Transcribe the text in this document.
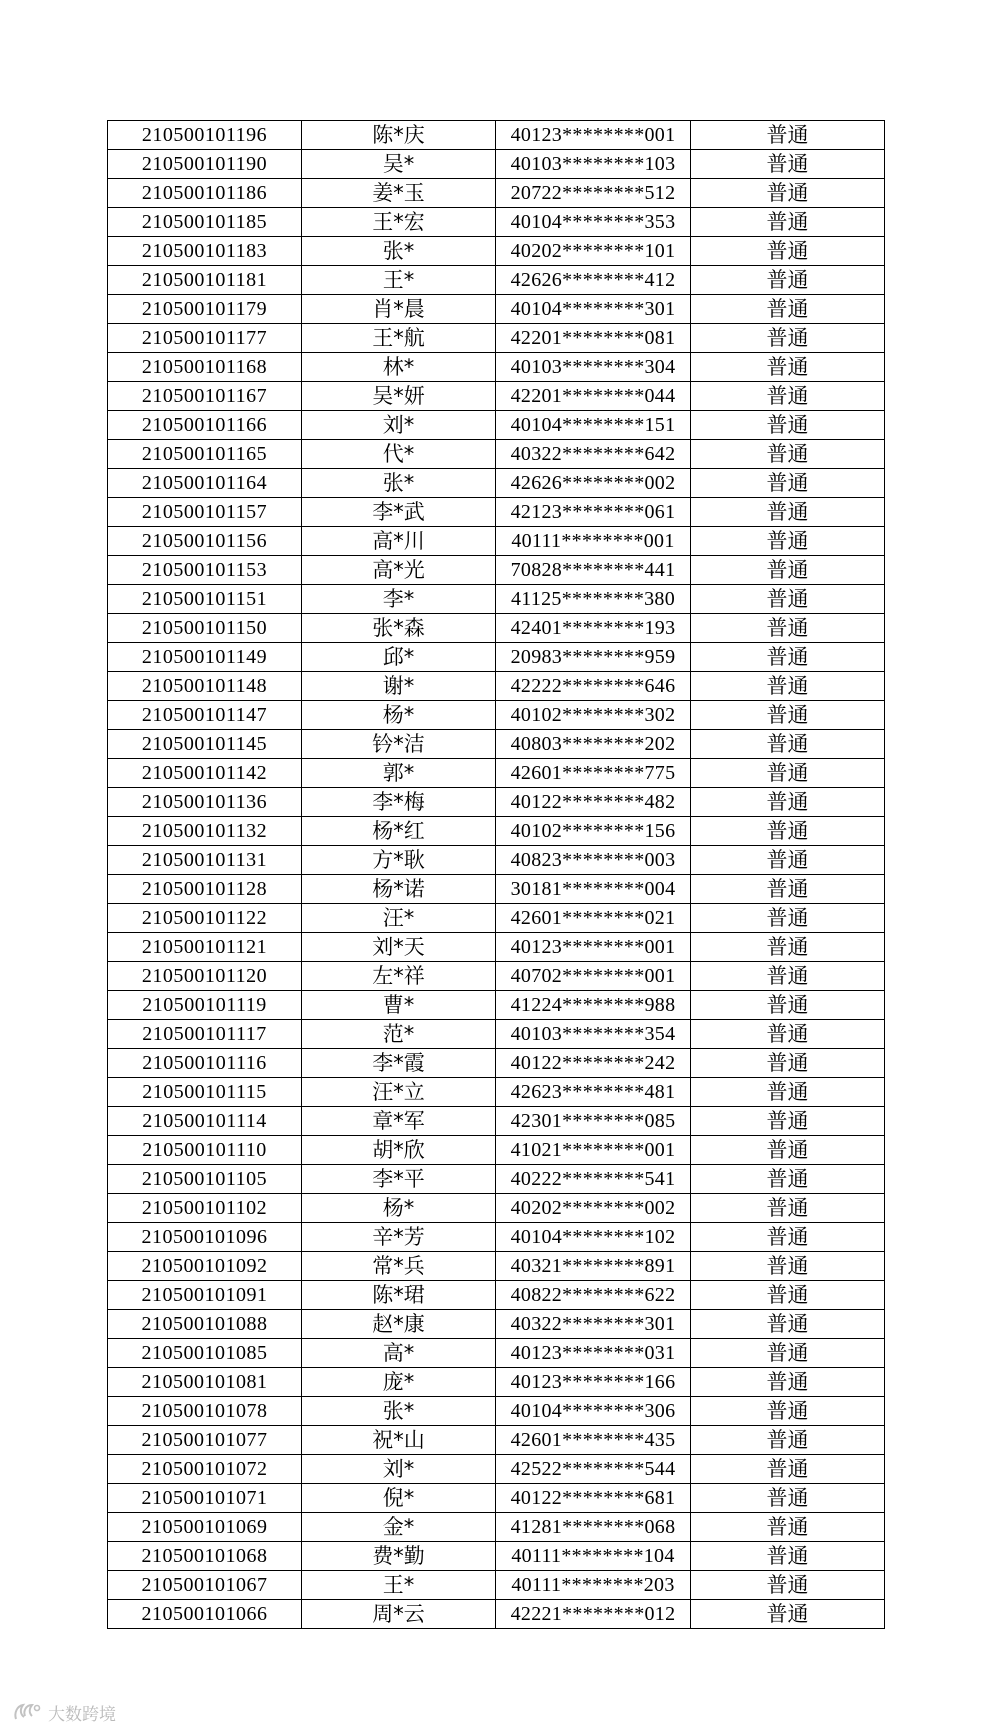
210500101196	陈*庆	40123********001	普通
210500101190	吴*	40103********103	普通
210500101186	姜*玉	20722********512	普通
210500101185	王*宏	40104********353	普通
210500101183	张*	40202********101	普通
210500101181	王*	42626********412	普通
210500101179	肖*晨	40104********301	普通
210500101177	王*航	42201********081	普通
210500101168	林*	40103********304	普通
210500101167	吴*妍	42201********044	普通
210500101166	刘*	40104********151	普通
210500101165	代*	40322********642	普通
210500101164	张*	42626********002	普通
210500101157	李*武	42123********061	普通
210500101156	高*川	40111********001	普通
210500101153	高*光	70828********441	普通
210500101151	李*	41125********380	普通
210500101150	张*森	42401********193	普通
210500101149	邱*	20983********959	普通
210500101148	谢*	42222********646	普通
210500101147	杨*	40102********302	普通
210500101145	钤*洁	40803********202	普通
210500101142	郭*	42601********775	普通
210500101136	李*梅	40122********482	普通
210500101132	杨*红	40102********156	普通
210500101131	方*耿	40823********003	普通
210500101128	杨*诺	30181********004	普通
210500101122	汪*	42601********021	普通
210500101121	刘*天	40123********001	普通
210500101120	左*祥	40702********001	普通
210500101119	曹*	41224********988	普通
210500101117	范*	40103********354	普通
210500101116	李*霞	40122********242	普通
210500101115	汪*立	42623********481	普通
210500101114	章*军	42301********085	普通
210500101110	胡*欣	41021********001	普通
210500101105	李*平	40222********541	普通
210500101102	杨*	40202********002	普通
210500101096	辛*芳	40104********102	普通
210500101092	常*兵	40321********891	普通
210500101091	陈*珺	40822********622	普通
210500101088	赵*康	40322********301	普通
210500101085	高*	40123********031	普通
210500101081	庞*	40123********166	普通
210500101078	张*	40104********306	普通
210500101077	祝*山	42601********435	普通
210500101072	刘*	42522********544	普通
210500101071	倪*	40122********681	普通
210500101069	金*	41281********068	普通
210500101068	费*勤	40111********104	普通
210500101067	王*	40111********203	普通
210500101066	周*云	42221********012	普通
大数跨境
